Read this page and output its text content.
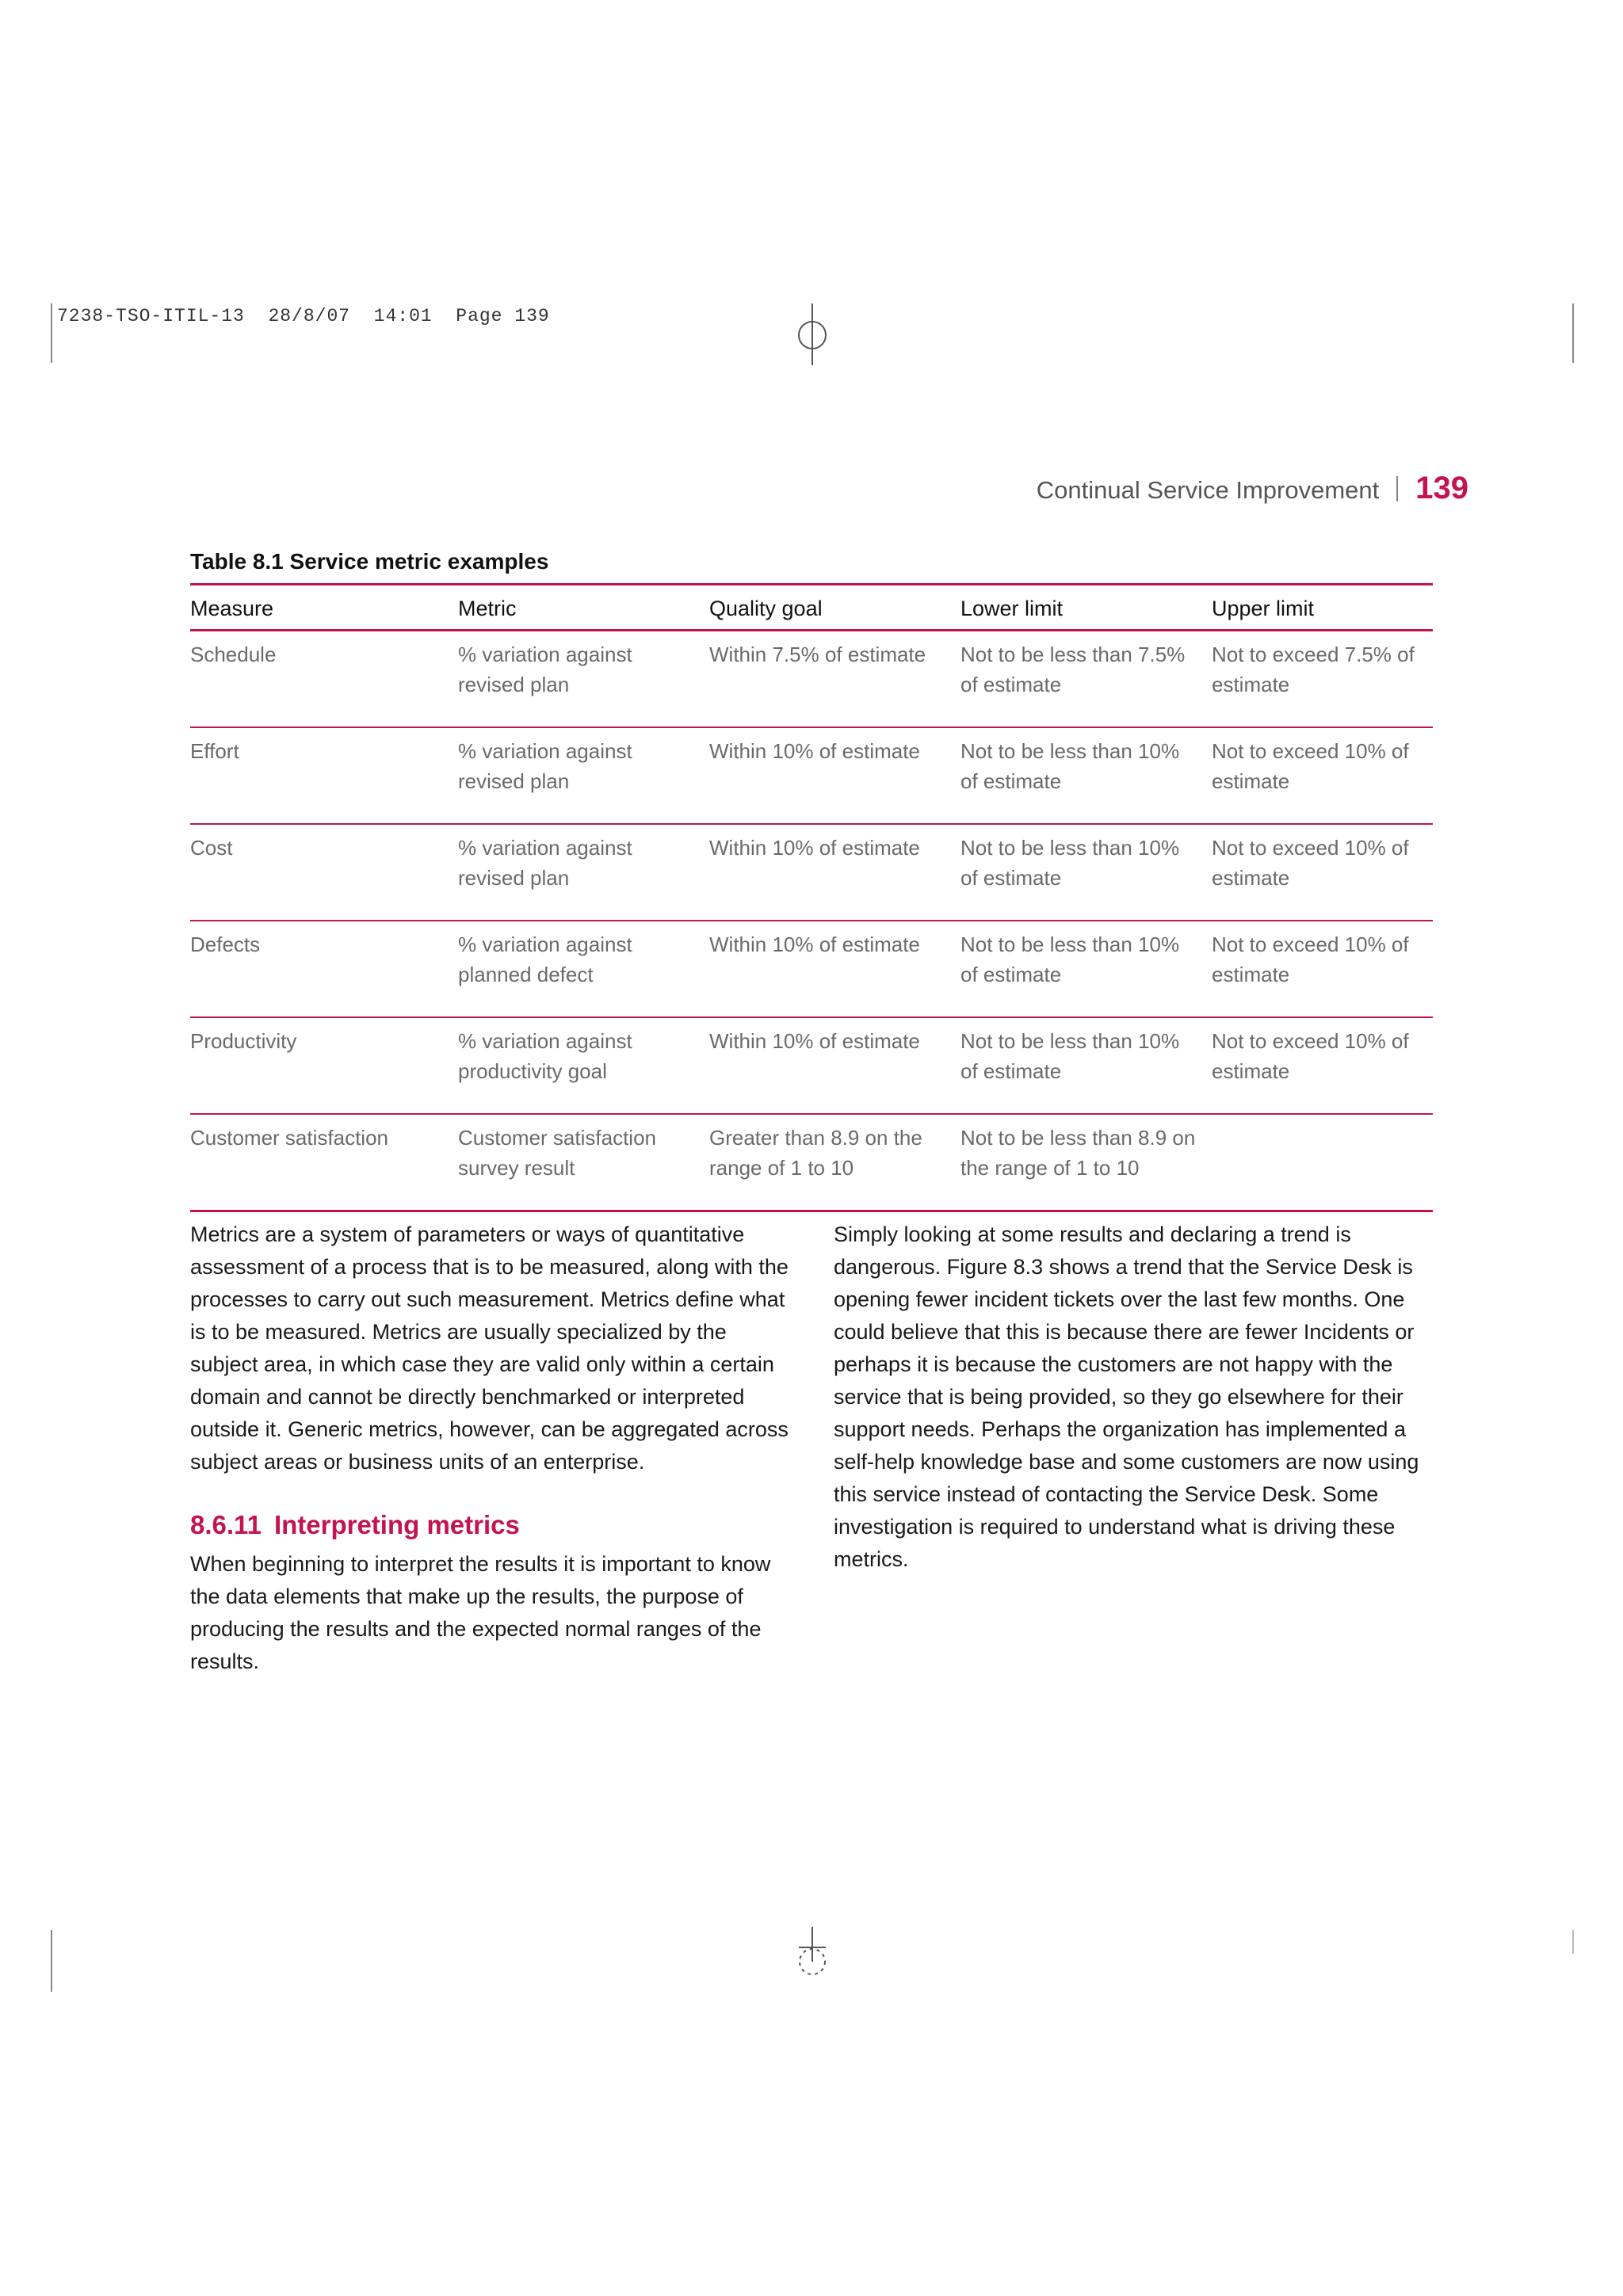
7238-TSO-ITIL-13  28/8/07  14:01  Page 139
Continual Service Improvement 139
Table 8.1 Service metric examples
Measure	Metric	Quality goal	Lower limit	Upper limit
Schedule	% variation against revised plan	Within 7.5% of estimate	Not to be less than 7.5% of estimate	Not to exceed 7.5% of estimate
Effort	% variation against revised plan	Within 10% of estimate	Not to be less than 10% of estimate	Not to exceed 10% of estimate
Cost	% variation against revised plan	Within 10% of estimate	Not to be less than 10% of estimate	Not to exceed 10% of estimate
Defects	% variation against planned defect	Within 10% of estimate	Not to be less than 10% of estimate	Not to exceed 10% of estimate
Productivity	% variation against productivity goal	Within 10% of estimate	Not to be less than 10% of estimate	Not to exceed 10% of estimate
Customer satisfaction	Customer satisfaction survey result	Greater than 8.9 on the range of 1 to 10	Not to be less than 8.9 on the range of 1 to 10	

Metrics are a system of parameters or ways of quantitative assessment of a process that is to be measured, along with the processes to carry out such measurement. Metrics define what is to be measured. Metrics are usually specialized by the subject area, in which case they are valid only within a certain domain and cannot be directly benchmarked or interpreted outside it. Generic metrics, however, can be aggregated across subject areas or business units of an enterprise.

8.6.11 Interpreting metrics

When beginning to interpret the results it is important to know the data elements that make up the results, the purpose of producing the results and the expected normal ranges of the results.

Simply looking at some results and declaring a trend is dangerous. Figure 8.3 shows a trend that the Service Desk is opening fewer incident tickets over the last few months. One could believe that this is because there are fewer Incidents or perhaps it is because the customers are not happy with the service that is being provided, so they go elsewhere for their support needs. Perhaps the organization has implemented a self-help knowledge base and some customers are now using this service instead of contacting the Service Desk. Some investigation is required to understand what is driving these metrics.
